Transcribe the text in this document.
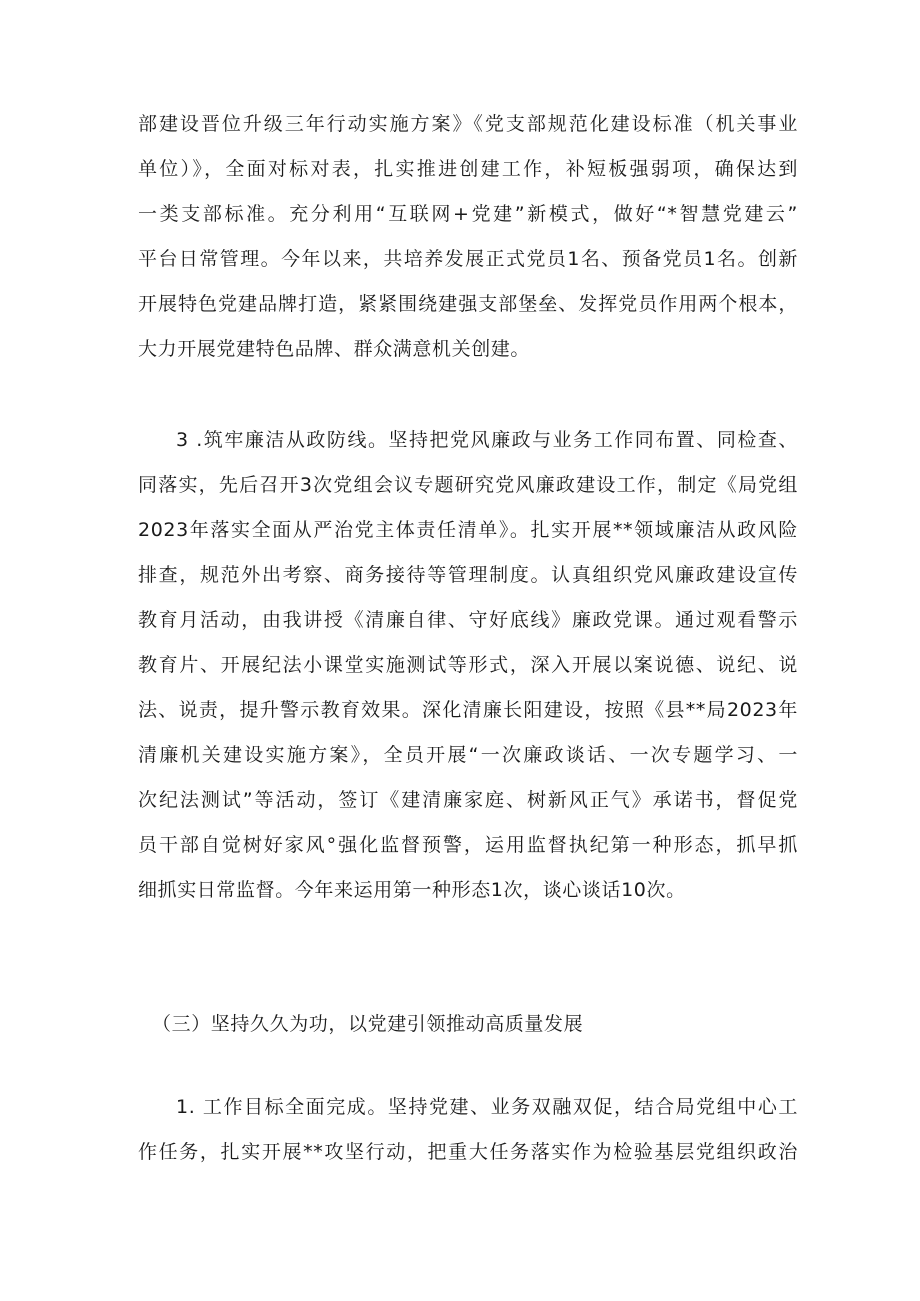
部建设晋位升级三年行动实施方案》《党支部规范化建设标准（机关事业
单位）》，全面对标对表，扎实推进创建工作，补短板强弱项，确保达到
一类支部标准。充分利用“互联网+党建”新模式，做好“*智慧党建云”
平台日常管理。今年以来，共培养发展正式党员1名、预备党员1名。创新
开展特色党建品牌打造，紧紧围绕建强支部堡垒、发挥党员作用两个根本，
大力开展党建特色品牌、群众满意机关创建。
3 .筑牢廉洁从政防线。坚持把党风廉政与业务工作同布置、同检查、
同落实，先后召开3次党组会议专题研究党风廉政建设工作，制定《局党组
2023年落实全面从严治党主体责任清单》。扎实开展**领域廉洁从政风险
排查，规范外出考察、商务接待等管理制度。认真组织党风廉政建设宣传
教育月活动，由我讲授《清廉自律、守好底线》廉政党课。通过观看警示
教育片、开展纪法小课堂实施测试等形式，深入开展以案说德、说纪、说
法、说责，提升警示教育效果。深化清廉长阳建设，按照《县**局2023年
清廉机关建设实施方案》，全员开展“一次廉政谈话、一次专题学习、一
次纪法测试”等活动，签订《建清廉家庭、树新风正气》承诺书，督促党
员干部自觉树好家风°强化监督预警，运用监督执纪第一种形态，抓早抓
细抓实日常监督。今年来运用第一种形态1次，谈心谈话10次。
（三）坚持久久为功，以党建引领推动高质量发展
1. 工作目标全面完成。坚持党建、业务双融双促，结合局党组中心工
作任务，扎实开展**攻坚行动，把重大任务落实作为检验基层党组织政治
